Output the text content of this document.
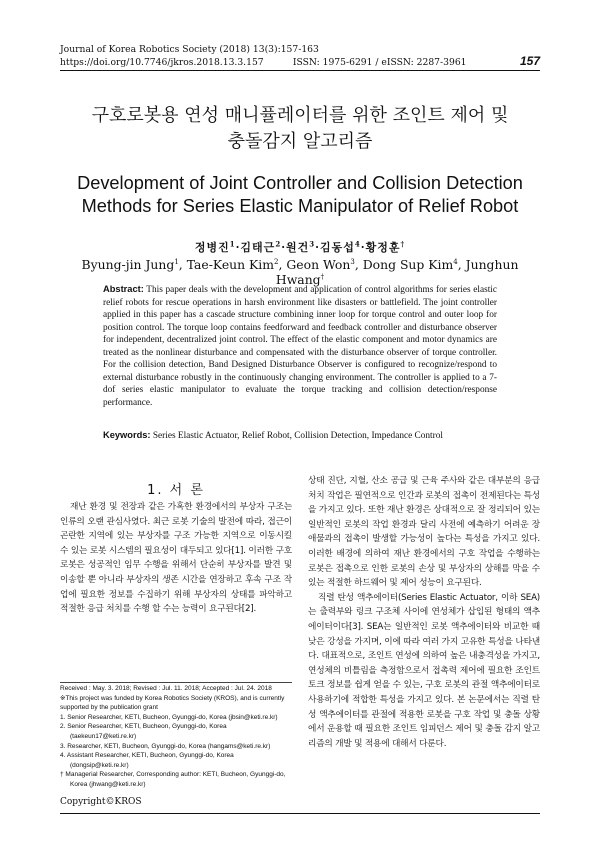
Journal of Korea Robotics Society (2018) 13(3):157-163
https://doi.org/10.7746/jkros.2018.13.3.157          ISSN: 1975-6291 / eISSN: 2287-3961	157
구호로봇용 연성 매니퓰레이터를 위한 조인트 제어 및
충돌감지 알고리즘
Development of Joint Controller and Collision Detection
Methods for Series Elastic Manipulator of Relief Robot
정병진$^1$·김태근$^2$·원건$^3$·김동섭$^4$·황정훈†
Byung-jin Jung$^1$, Tae-Keun Kim$^2$, Geon Won$^3$, Dong Sup Kim$^4$, Junghun Hwang†
Abstract: This paper deals with the development and application of control algorithms for series elastic relief robots for rescue operations in harsh environment like disasters or battlefield. The joint controller applied in this paper has a cascade structure combining inner loop for torque control and outer loop for position control. The torque loop contains feedforward and feedback controller and disturbance observer for independent, decentralized joint control. The effect of the elastic component and motor dynamics are treated as the nonlinear disturbance and compensated with the disturbance observer of torque controller. For the collision detection, Band Designed Disturbance Observer is configured to recognize/respond to external disturbance robustly in the continuously changing environment. The controller is applied to a 7-dof series elastic manipulator to evaluate the torque tracking and collision detection/response performance.
Keywords: Series Elastic Actuator, Relief Robot, Collision Detection, Impedance Control
1. 서 론

재난 환경 및 전장과 같은 가혹한 환경에서의 부상자 구조는 인류의 오랜 관심사였다. 최근 로봇 기술의 발전에 따라, 접근이 곤란한 지역에 있는 부상자를 구조 가능한 지역으로 이동시킬 수 있는 로봇 시스템의 필요성이 대두되고 있다[1]. 이러한 구호 로봇은 성공적인 임무 수행을 위해서 단순히 부상자를 발견 및 이송할 뿐 아니라 부상자의 생존 시간을 연장하고 후속 구조 작업에 필요한 정보를 수집하기 위해 부상자의 상태를 파악하고 적절한 응급 처치를 수행 할 수는 능력이 요구된다[2].

상태 진단, 지혈, 산소 공급 및 근육 주사와 같은 대부분의 응급 처치 작업은 필연적으로 인간과 로봇의 접촉이 전제된다는 특성을 가지고 있다. 또한 재난 환경은 상대적으로 잘 정리되어 있는 일반적인 로봇의 작업 환경과 달리 사전에 예측하기 어려운 장애물과의 접촉이 발생할 가능성이 높다는 특성을 가지고 있다. 이러한 배경에 의하여 재난 환경에서의 구호 작업을 수행하는 로봇은 접촉으로 인한 로봇의 손상 및 부상자의 상해를 막을 수 있는 적절한 하드웨어 및 제어 성능이 요구된다.

직렬 탄성 액추에이터(Series Elastic Actuator, 이하 SEA)는 출력부와 링크 구조체 사이에 연성체가 삽입된 형태의 액추에이터이다[3]. SEA는 일반적인 로봇 액추에이터와 비교한 때 낮은 강성을 가지며, 이에 따라 여러 가지 고유한 특성을 나타낸다. 대표적으로, 조인트 연성에 의하여 높은 내충격성을 가지고, 연성체의 비틀림을 측정함으로서 접촉력 제어에 필요한 조인트 토크 정보를 쉽게 얻을 수 있는, 구호 로봇의 관절 액추에이터로 사용하기에 적합한 특성을 가지고 있다. 본 논문에서는 직렬 탄성 액추에이터를 관절에 적용한 로봇을 구호 작업 및 충돌 상황에서 운용할 때 필요한 조인트 임피던스 제어 및 충돌 감지 알고리즘의 개발 및 적용에 대해서 다룬다.

Received : May. 3. 2018; Revised : Jul. 11. 2018; Accepted : Jul. 24. 2018
※This project was funded by Korea Robotics Society (KROS), and is currently supported by the publication grant
1. Senior Researcher, KETI, Bucheon, Gyunggi-do, Korea (jbsin@keti.re.kr)
2. Senior Researcher, KETI, Bucheon, Gyunggi-do, Korea (taekeun17@keti.re.kr)
3. Researcher, KETI, Bucheon, Gyunggi-do, Korea (hangams@keti.re.kr)
4. Assistant Researcher, KETI, Bucheon, Gyunggi-do, Korea (dongsip@keti.re.kr)
† Managerial Researcher, Corresponding author: KETI, Bucheon, Gyunggi-do, Korea (jhwang@keti.re.kr)
Copyright©KROS
